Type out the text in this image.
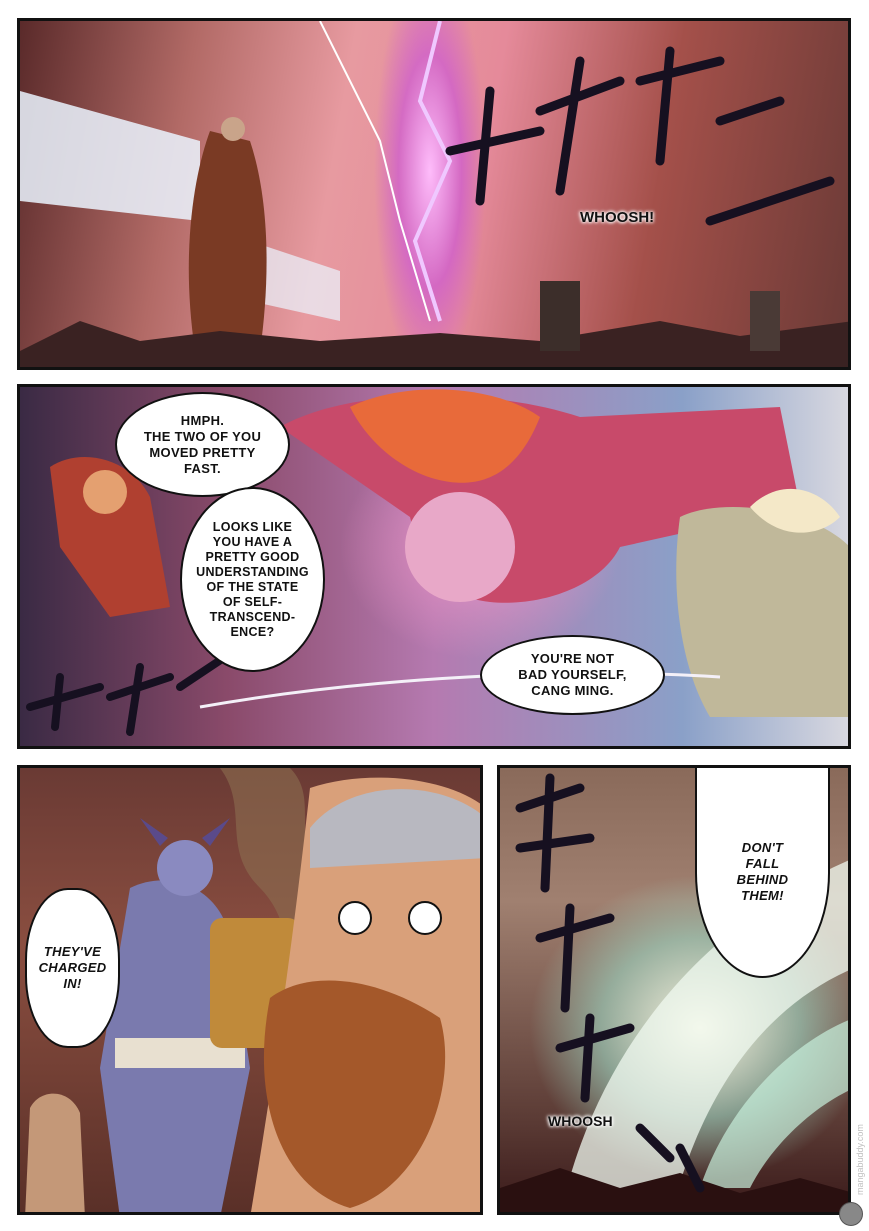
WHOOSH!
HMPH.
THE TWO OF YOU
MOVED PRETTY
FAST.
LOOKS LIKE
YOU HAVE A
PRETTY GOOD
UNDERSTANDING
OF THE STATE
OF SELF-
TRANSCEND-
ENCE?
YOU'RE NOT
BAD YOURSELF,
CANG MING.
THEY'VE
CHARGED
IN!
DON'T
FALL
BEHIND
THEM!
WHOOSH
mangabuddy.com
